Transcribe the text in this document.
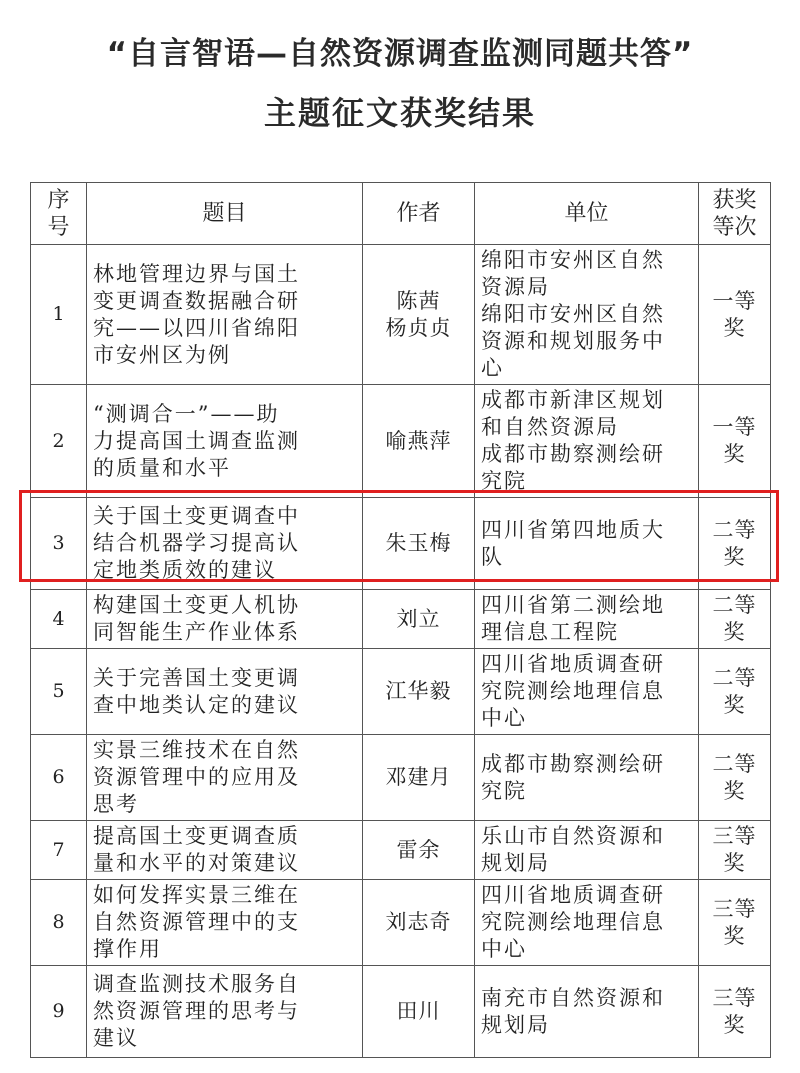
“自言智语—自然资源调查监测同题共答”
主题征文获奖结果
序
号	题目	作者	单位	获奖
等次

1	林地管理边界与国土
变更调查数据融合研
究——以四川省绵阳
市安州区为例	陈茜
杨贞贞	绵阳市安州区自然
资源局
绵阳市安州区自然
资源和规划服务中
心	一等奖
2	“测调合一”——助
力提高国土调查监测
的质量和水平	喻燕萍	成都市新津区规划
和自然资源局
成都市勘察测绘研
究院	一等奖
3	关于国土变更调查中
结合机器学习提高认
定地类质效的建议	朱玉梅	四川省第四地质大
队	二等奖
4	构建国土变更人机协
同智能生产作业体系	刘立	四川省第二测绘地
理信息工程院	二等奖
5	关于完善国土变更调
查中地类认定的建议	江华毅	四川省地质调查研
究院测绘地理信息
中心	二等奖
6	实景三维技术在自然
资源管理中的应用及
思考	邓建月	成都市勘察测绘研
究院	二等奖
7	提高国土变更调查质
量和水平的对策建议	雷余	乐山市自然资源和
规划局	三等奖
8	如何发挥实景三维在
自然资源管理中的支
撑作用	刘志奇	四川省地质调查研
究院测绘地理信息
中心	三等奖
9	调查监测技术服务自
然资源管理的思考与
建议	田川	南充市自然资源和
规划局	三等奖
